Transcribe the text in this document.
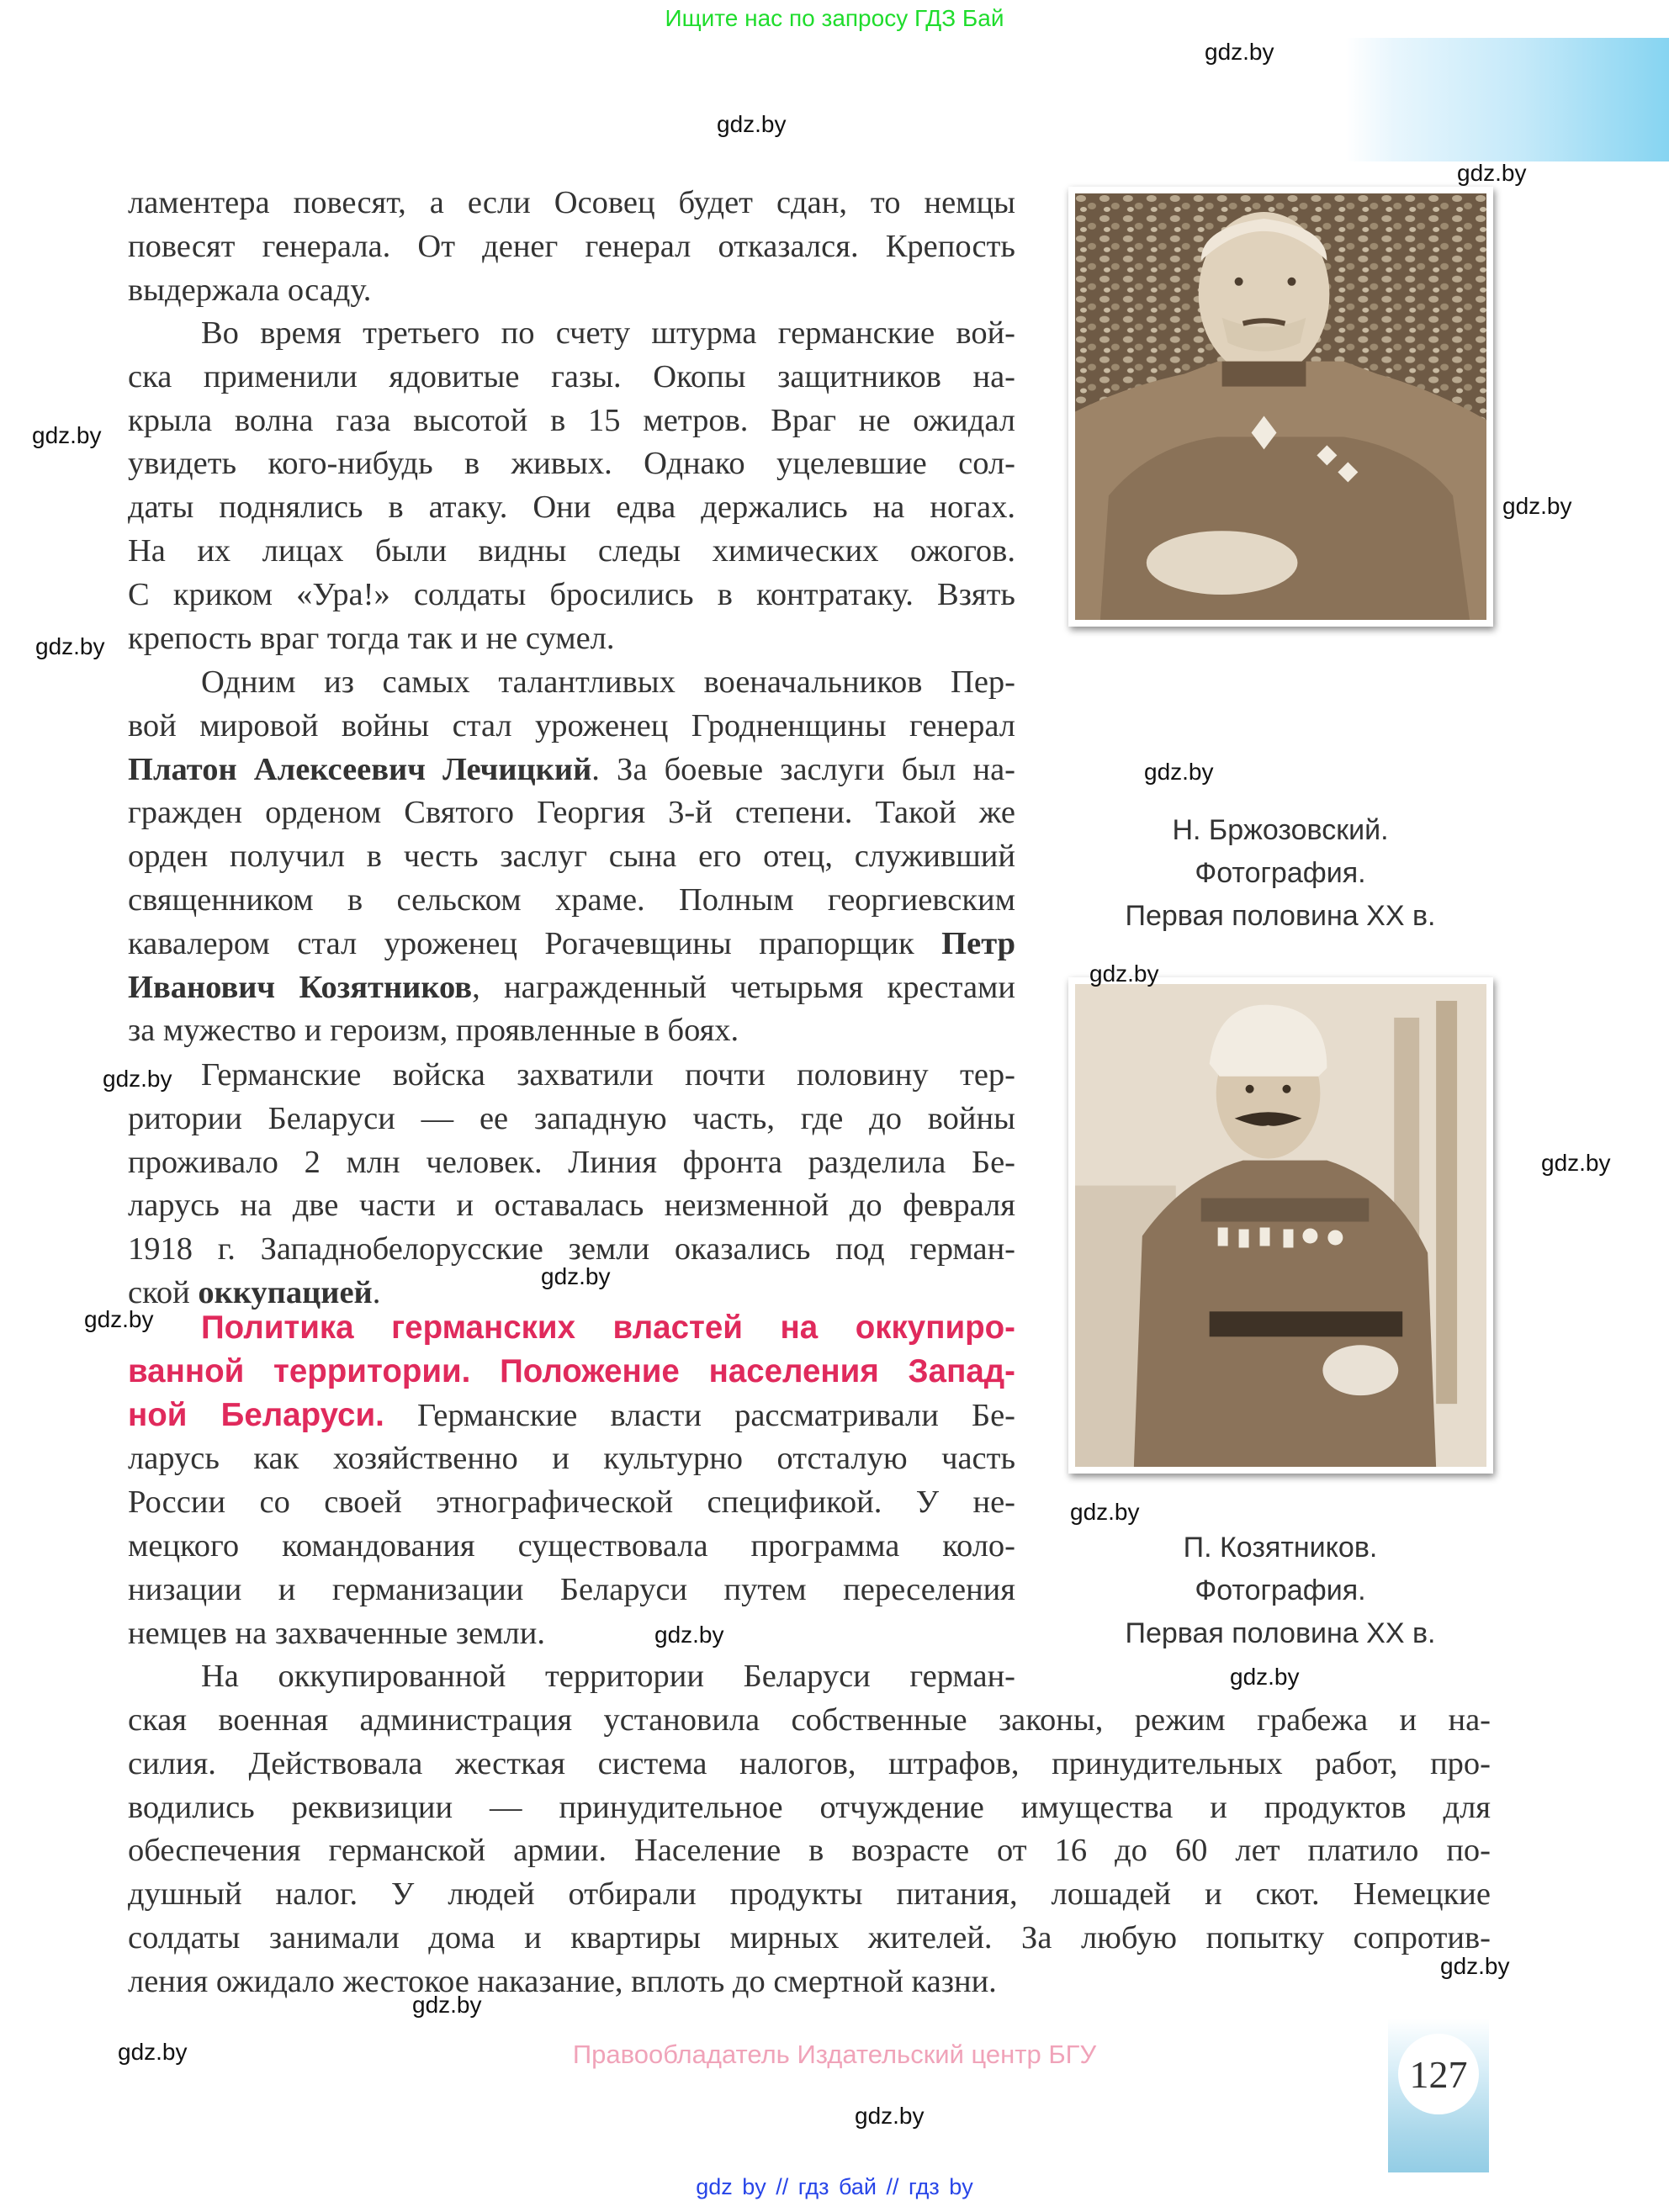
Ищите нас по запросу ГДЗ Бай
ламентера повесят, а если Осовец будет сдан, то немцы
повесят генерала. От денег генерал отказался. Крепость
выдержала осаду.
Во время третьего по счету штурма германские вой-
ска применили ядовитые газы. Окопы защитников на-
крыла волна газа высотой в 15 метров. Враг не ожидал
увидеть кого-нибудь в живых. Однако уцелевшие сол-
даты поднялись в атаку. Они едва держались на ногах.
На их лицах были видны следы химических ожогов.
С криком «Ура!» солдаты бросились в контратаку. Взять
крепость враг тогда так и не сумел.
Одним из самых талантливых военачальников Пер-
вой мировой войны стал уроженец Гродненщины генерал
Платон Алексеевич Лечицкий. За боевые заслуги был на-
гражден орденом Святого Георгия 3-й степени. Такой же
орден получил в честь заслуг сына его отец, служивший
священником в сельском храме. Полным георгиевским
кавалером стал уроженец Рогачевщины прапорщик Петр
Иванович Козятников, награжденный четырьмя крестами
за мужество и героизм, проявленные в боях.
Германские войска захватили почти половину тер-
ритории Беларуси — ее западную часть, где до войны
проживало 2 млн человек. Линия фронта разделила Бе-
ларусь на две части и оставалась неизменной до февраля
1918 г. Западнобелорусские земли оказались под герман-
ской оккупацией.
Политика германских властей на оккупиро-
ванной территории. Положение населения Запад-
ной Беларуси. Германские власти рассматривали Бе-
ларусь как хозяйственно и культурно отсталую часть
России со своей этнографической спецификой. У не-
мецкого командования существовала программа коло-
низации и германизации Беларуси путем переселения
немцев на захваченные земли.
На оккупированной территории Беларуси герман-
ская военная администрация установила собственные законы, режим грабежа и на-
силия. Действовала жесткая система налогов, штрафов, принудительных работ, про-
водились реквизиции — принудительное отчуждение имущества и продуктов для
обеспечения германской армии. Население в возрасте от 16 до 60 лет платило по-
душный налог. У людей отбирали продукты питания, лошадей и скот. Немецкие
солдаты занимали дома и квартиры мирных жителей. За любую попытку сопротив-
ления ожидало жестокое наказание, вплоть до смертной казни.
Н. Бржозовский.
Фотография.
Первая половина XX в.
П. Козятников.
Фотография.
Первая половина XX в.
gdz.by
gdz.by
gdz.by
gdz.by
gdz.by
gdz.by
gdz.by
gdz.by
gdz.by
gdz.by
gdz.by
gdz.by
gdz.by
gdz.by
gdz.by
gdz.by
gdz.by
gdz.by
gdz.by
Правообладатель Издательский центр БГУ	127
gdz by // гдз бай // гдз by
